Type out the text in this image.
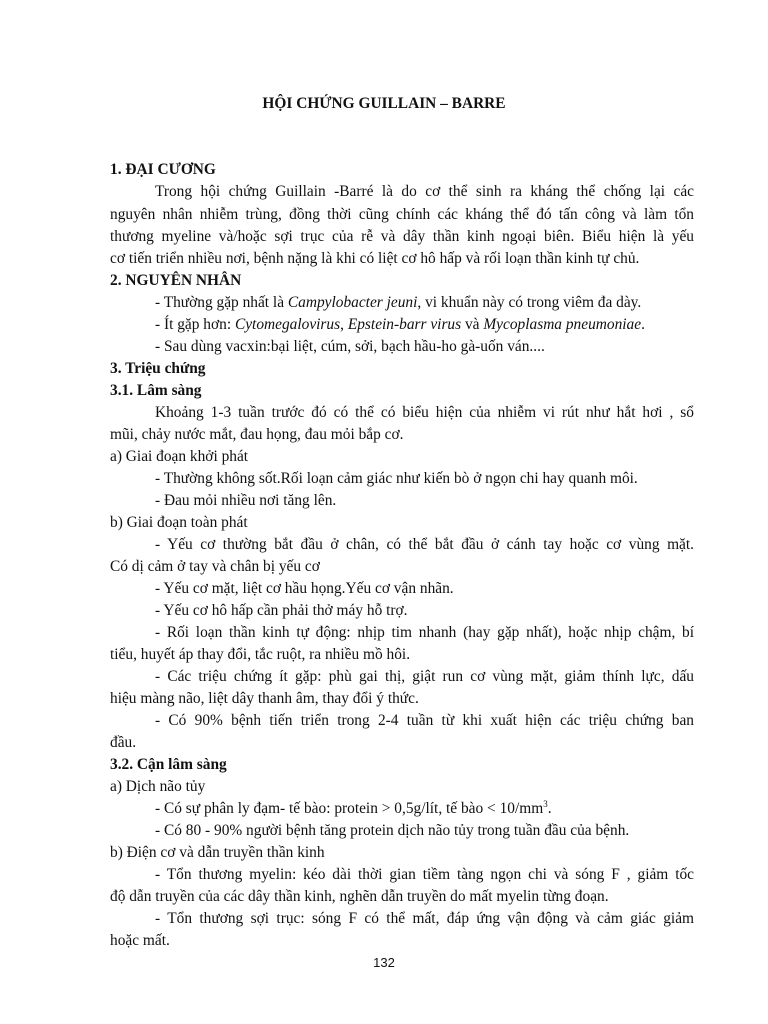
HỘI CHỨNG GUILLAIN – BARRE
1. ĐẠI CƯƠNG
Trong hội chứng Guillain -Barré là do cơ thể sinh ra kháng thể chống lại các
nguyên nhân nhiễm trùng, đồng thời cũng chính các kháng thể đó tấn công và làm tổn
thương myeline và/hoặc sợi trục của rễ và dây thần kinh ngoại biên. Biểu hiện là yếu
cơ tiến triển nhiều nơi, bệnh nặng là khi có liệt cơ hô hấp và rối loạn thần kinh tự chủ.
2. NGUYÊN NHÂN
- Thường gặp nhất là Campylobacter jeuni, vi khuẩn này có trong viêm đa dày.
- Ít gặp hơn: Cytomegalovirus, Epstein-barr virus và Mycoplasma pneumoniae.
- Sau dùng vacxin:bại liệt, cúm, sởi, bạch hầu-ho gà-uốn ván....
3. Triệu chứng
3.1. Lâm sàng
Khoảng 1-3 tuần trước đó có thể có biểu hiện của nhiễm vi rút như hắt hơi , sổ
mũi, chảy nước mắt, đau họng, đau mỏi bắp cơ.
a) Giai đoạn khởi phát
- Thường không sốt.Rối loạn cảm giác như kiến bò ở ngọn chi hay quanh môi.
- Đau mỏi nhiều nơi tăng lên.
b) Giai đoạn toàn phát
- Yếu cơ thường bắt đầu ở chân, có thể bắt đầu ở cánh tay hoặc cơ vùng mặt.
Có dị cảm ở tay và chân bị yếu cơ
- Yếu cơ mặt, liệt cơ hầu họng.Yếu cơ vận nhãn.
- Yếu cơ hô hấp cần phải thở máy hỗ trợ.
- Rối loạn thần kinh tự động: nhịp tim nhanh (hay gặp nhất), hoặc nhịp chậm, bí
tiểu, huyết áp thay đổi, tắc ruột, ra nhiều mồ hôi.
- Các triệu chứng ít gặp: phù gai thị, giật run cơ vùng mặt, giảm thính lực, dấu
hiệu màng não, liệt dây thanh âm, thay đổi ý thức.
- Có 90% bệnh tiến triển trong 2-4 tuần từ khi xuất hiện các triệu chứng ban
đầu.
3.2. Cận lâm sàng
a) Dịch não tủy
- Có sự phân ly đạm- tế bào: protein > 0,5g/lít, tế bào < $10/mm^3$.
- Có 80 - 90% người bệnh tăng protein dịch não tủy trong tuần đầu của bệnh.
b) Điện cơ và dẫn truyền thần kinh
- Tổn thương myelin: kéo dài thời gian tiềm tàng ngọn chi và sóng F , giảm tốc
độ dẫn truyền của các dây thần kinh, nghẽn dẫn truyền do mất myelin từng đoạn.
- Tổn thương sợi trục: sóng F có thể mất, đáp ứng vận động và cảm giác giảm
hoặc mất.
132
